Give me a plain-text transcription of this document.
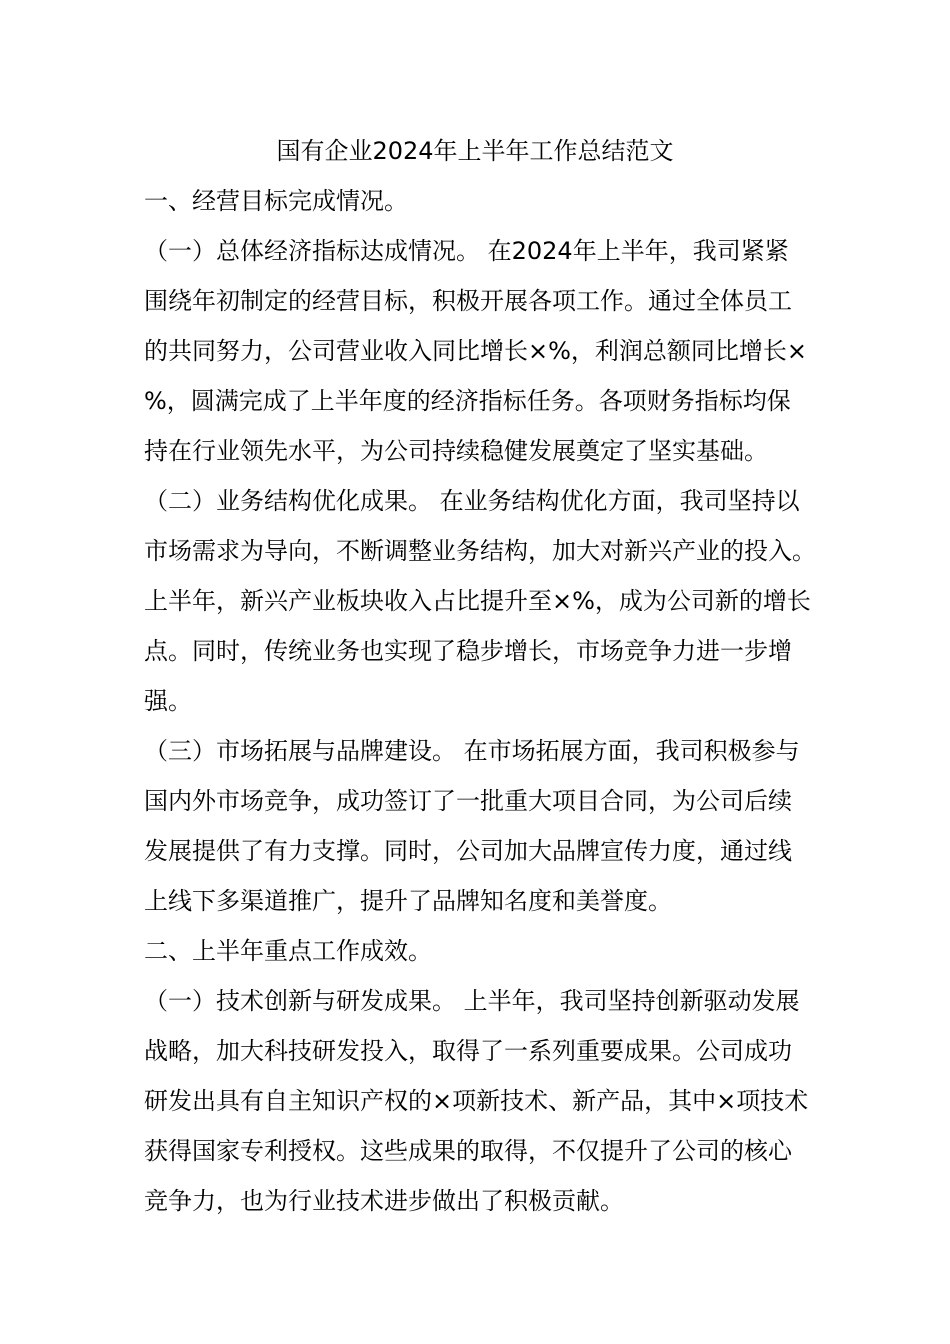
国有企业2024年上半年工作总结范文
一、经营目标完成情况。
（一）总体经济指标达成情况。 在2024年上半年，我司紧紧
围绕年初制定的经营目标，积极开展各项工作。通过全体员工
的共同努力，公司营业收入同比增长×%，利润总额同比增长×
%，圆满完成了上半年度的经济指标任务。各项财务指标均保
持在行业领先水平，为公司持续稳健发展奠定了坚实基础。
（二）业务结构优化成果。 在业务结构优化方面，我司坚持以
市场需求为导向，不断调整业务结构，加大对新兴产业的投入。
上半年，新兴产业板块收入占比提升至×%，成为公司新的增长
点。同时，传统业务也实现了稳步增长，市场竞争力进一步增
强。
（三）市场拓展与品牌建设。 在市场拓展方面，我司积极参与
国内外市场竞争，成功签订了一批重大项目合同，为公司后续
发展提供了有力支撑。同时，公司加大品牌宣传力度，通过线
上线下多渠道推广，提升了品牌知名度和美誉度。
二、上半年重点工作成效。
（一）技术创新与研发成果。 上半年，我司坚持创新驱动发展
战略，加大科技研发投入，取得了一系列重要成果。公司成功
研发出具有自主知识产权的×项新技术、新产品，其中×项技术
获得国家专利授权。这些成果的取得，不仅提升了公司的核心
竞争力，也为行业技术进步做出了积极贡献。
